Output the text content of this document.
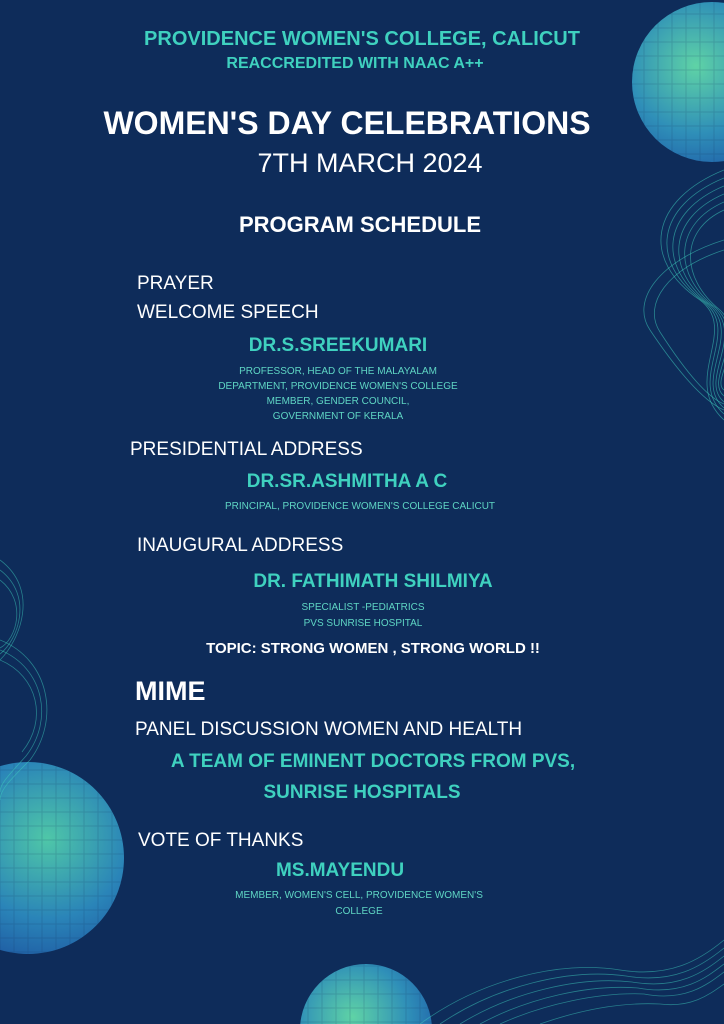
PROVIDENCE WOMEN'S COLLEGE, CALICUT

REACCREDITED WITH NAAC A++

WOMEN'S DAY CELEBRATIONS

7TH MARCH 2024

PROGRAM SCHEDULE

PRAYER

WELCOME SPEECH

DR.S.SREEKUMARI

PROFESSOR, HEAD OF THE MALAYALAM

DEPARTMENT, PROVIDENCE WOMEN'S COLLEGE

MEMBER, GENDER COUNCIL,

GOVERNMENT OF KERALA

PRESIDENTIAL ADDRESS

DR.SR.ASHMITHA A C

PRINCIPAL, PROVIDENCE WOMEN'S COLLEGE CALICUT

INAUGURAL ADDRESS

DR. FATHIMATH SHILMIYA

SPECIALIST -PEDIATRICS

PVS SUNRISE HOSPITAL

TOPIC: STRONG WOMEN , STRONG WORLD !!

MIME

PANEL DISCUSSION WOMEN AND HEALTH

A TEAM OF EMINENT DOCTORS FROM PVS,

SUNRISE HOSPITALS

VOTE OF THANKS

MS.MAYENDU

MEMBER, WOMEN'S CELL, PROVIDENCE WOMEN'S

COLLEGE
